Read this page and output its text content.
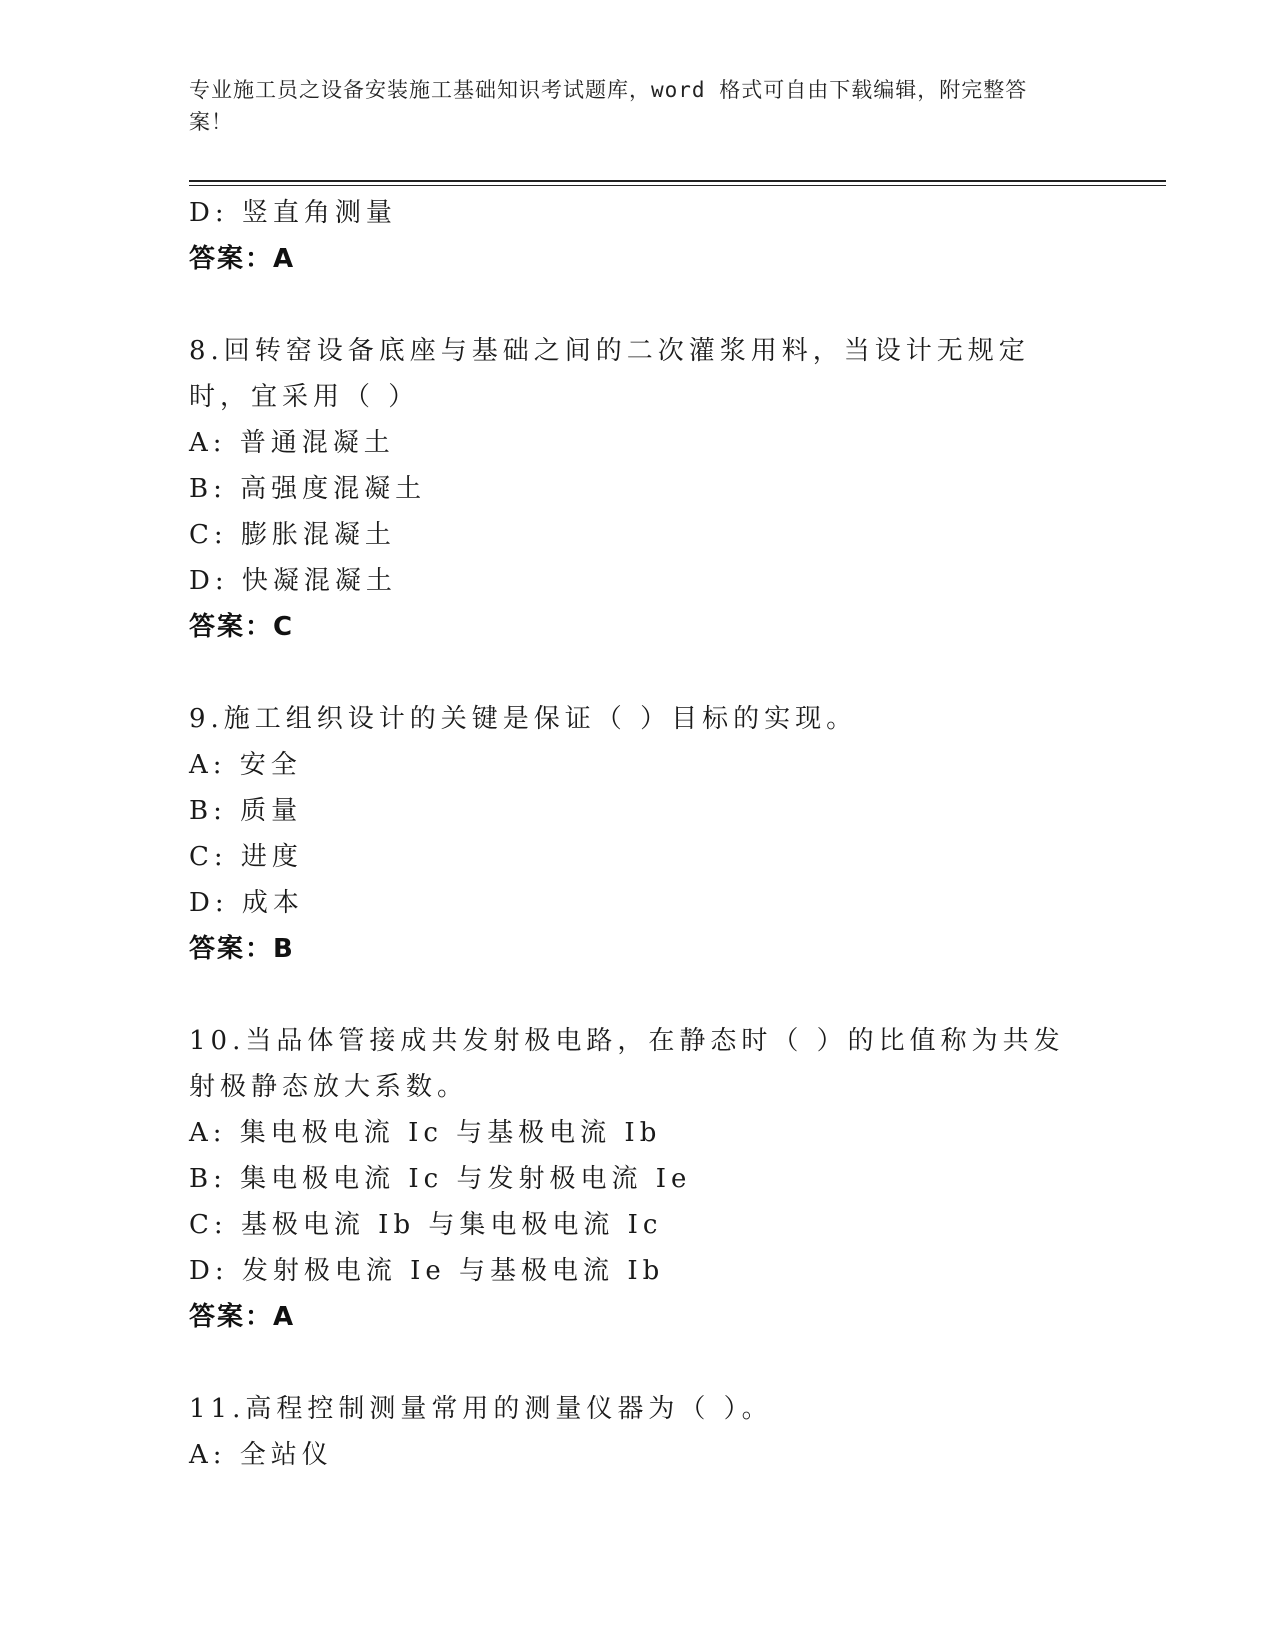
专业施工员之设备安装施工基础知识考试题库，word 格式可自由下载编辑，附完整答案！
D: 竖直角测量
答案：A
8.回转窑设备底座与基础之间的二次灌浆用料，当设计无规定时，宜采用（ ）
A: 普通混凝土
B: 高强度混凝土
C: 膨胀混凝土
D: 快凝混凝土
答案：C
9.施工组织设计的关键是保证（ ）目标的实现。
A: 安全
B: 质量
C: 进度
D: 成本
答案：B
10.当品体管接成共发射极电路，在静态时（ ）的比值称为共发射极静态放大系数。
A: 集电极电流 Ic 与基极电流 Ib
B: 集电极电流 Ic 与发射极电流 Ie
C: 基极电流 Ib 与集电极电流 Ic
D: 发射极电流 Ie 与基极电流 Ib
答案：A
11.高程控制测量常用的测量仪器为（ ）。
A: 全站仪
